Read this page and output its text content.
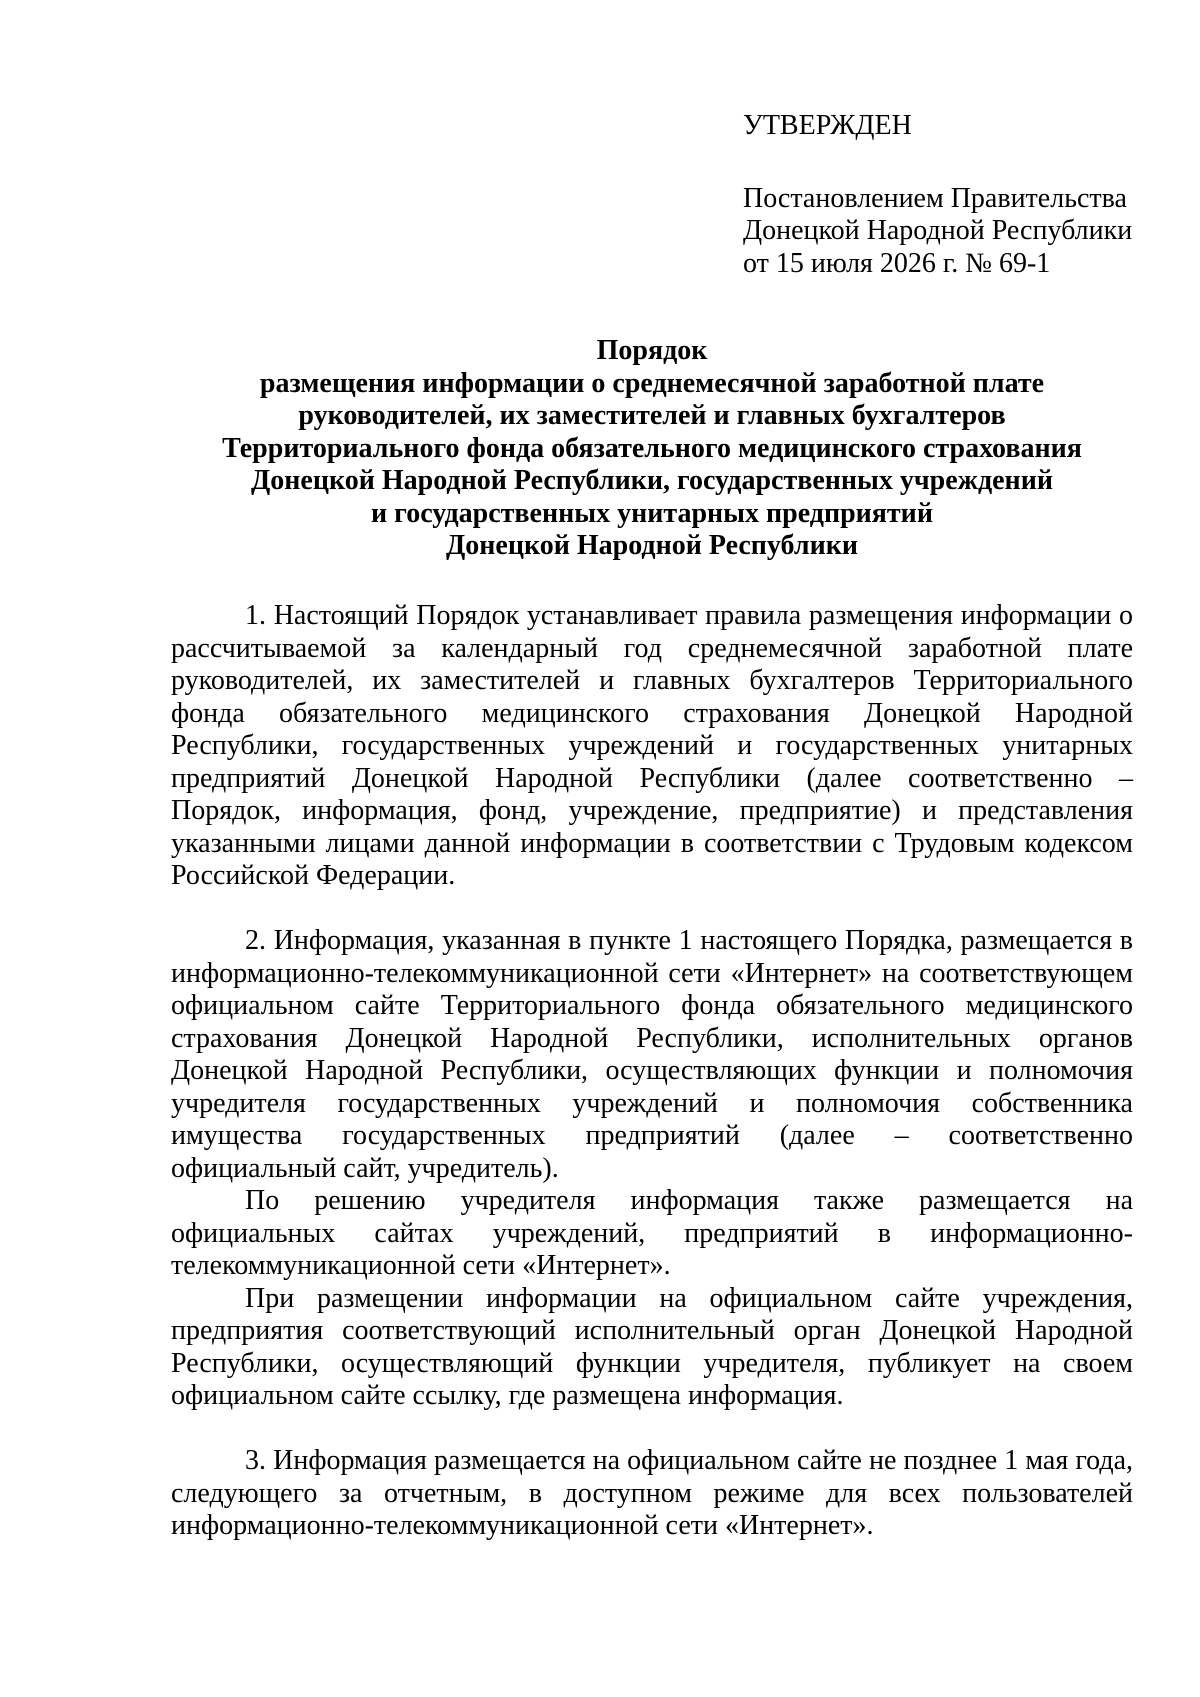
УТВЕРЖДЕН
Постановлением Правительства
Донецкой Народной Республики
от 15 июля 2026 г. № 69-1
Порядок
размещения информации о среднемесячной заработной плате
руководителей, их заместителей и главных бухгалтеров
Территориального фонда обязательного медицинского страхования
Донецкой Народной Республики, государственных учреждений
и государственных унитарных предприятий
Донецкой Народной Республики

1. Настоящий Порядок устанавливает правила размещения информации о рассчитываемой за календарный год среднемесячной заработной плате руководителей, их заместителей и главных бухгалтеров Территориального фонда обязательного медицинского страхования Донецкой Народной Республики, государственных учреждений и государственных унитарных предприятий Донецкой Народной Республики (далее соответственно – Порядок, информация, фонд, учреждение, предприятие) и представления указанными лицами данной информации в соответствии с Трудовым кодексом Российской Федерации.

2. Информация, указанная в пункте 1 настоящего Порядка, размещается в информационно-телекоммуникационной сети «Интернет» на соответствующем официальном сайте Территориального фонда обязательного медицинского страхования Донецкой Народной Республики, исполнительных органов Донецкой Народной Республики, осуществляющих функции и полномочия учредителя государственных учреждений и полномочия собственника имущества государственных предприятий (далее – соответственно официальный сайт, учредитель).

По решению учредителя информация также размещается на официальных сайтах учреждений, предприятий в информационно-телекоммуникационной сети «Интернет».

При размещении информации на официальном сайте учреждения, предприятия соответствующий исполнительный орган Донецкой Народной Республики, осуществляющий функции учредителя, публикует на своем официальном сайте ссылку, где размещена информация.

3. Информация размещается на официальном сайте не позднее 1 мая года, следующего за отчетным, в доступном режиме для всех пользователей информационно-телекоммуникационной сети «Интернет».
